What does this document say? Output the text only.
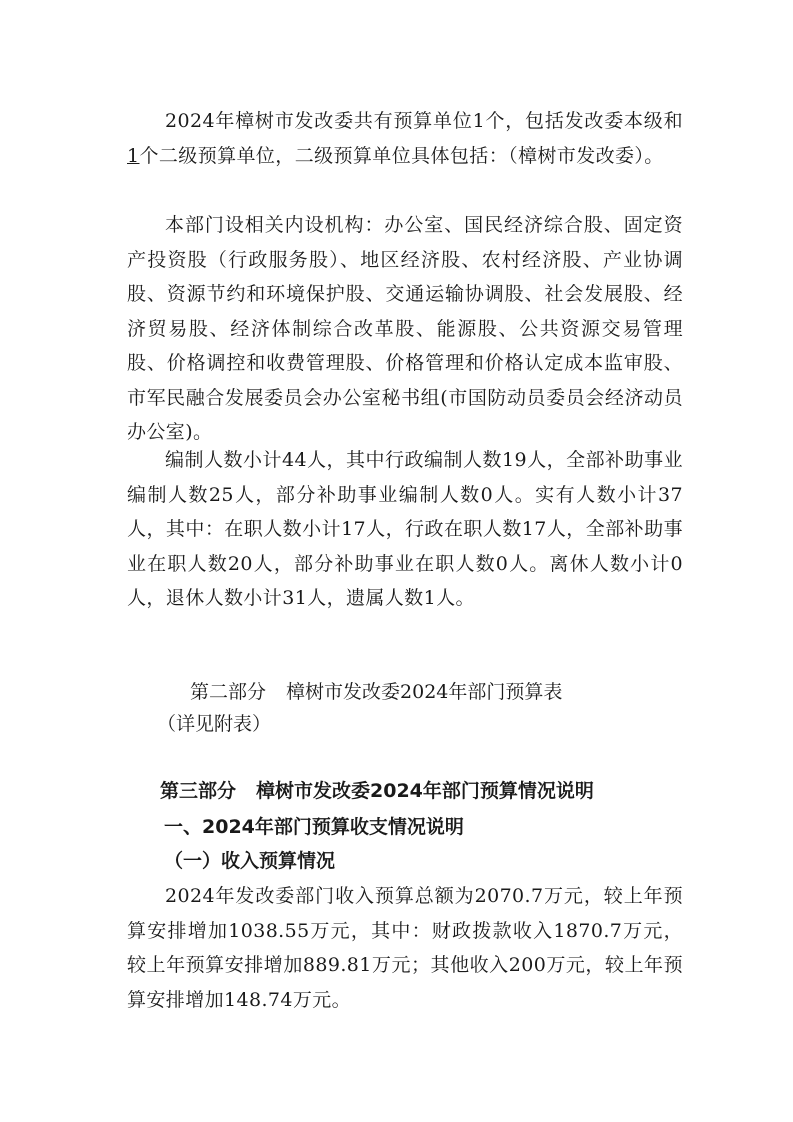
2024年樟树市发改委共有预算单位1个，包括发改委本级和1个二级预算单位，二级预算单位具体包括：（樟树市发改委）。

本部门设相关内设机构：办公室、国民经济综合股、固定资产投资股（行政服务股）、地区经济股、农村经济股、产业协调股、资源节约和环境保护股、交通运输协调股、社会发展股、经济贸易股、经济体制综合改革股、能源股、公共资源交易管理股、价格调控和收费管理股、价格管理和价格认定成本监审股、市军民融合发展委员会办公室秘书组(市国防动员委员会经济动员办公室)。

编制人数小计44人，其中行政编制人数19人，全部补助事业编制人数25人，部分补助事业编制人数0人。实有人数小计37人，其中：在职人数小计17人，行政在职人数17人，全部补助事业在职人数20人，部分补助事业在职人数0人。离休人数小计0人，退休人数小计31人，遗属人数1人。

第二部分 樟树市发改委2024年部门预算表
（详见附表）
第三部分 樟树市发改委2024年部门预算情况说明
一、2024年部门预算收支情况说明
（一）收入预算情况

2024年发改委部门收入预算总额为2070.7万元，较上年预算安排增加1038.55万元，其中：财政拨款收入1870.7万元，较上年预算安排增加889.81万元；其他收入200万元，较上年预算安排增加148.74万元。
